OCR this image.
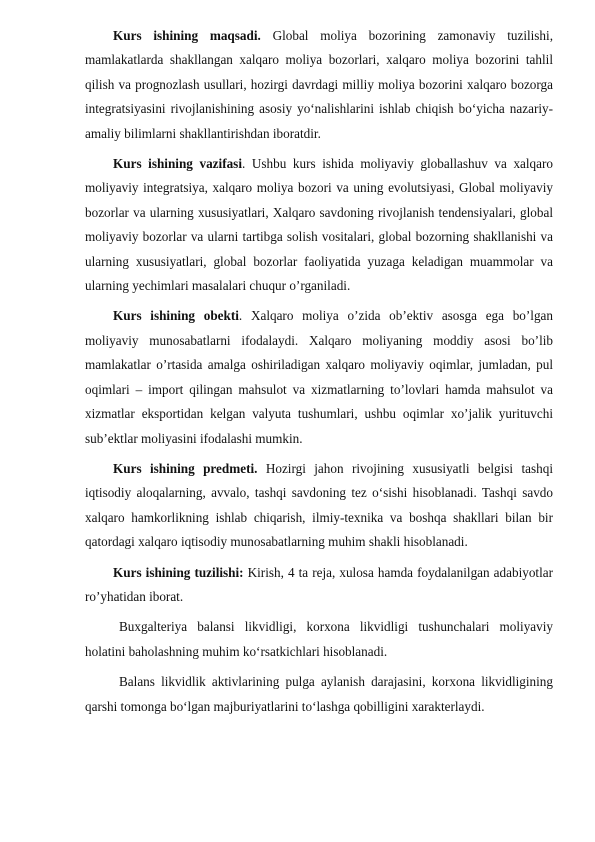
Kurs ishining maqsadi. Global moliya bozorining zamonaviy tuzilishi, mamlakatlarda shakllangan xalqaro moliya bozorlari, xalqaro moliya bozorini tahlil qilish va prognozlash usullari, hozirgi davrdagi milliy moliya bozorini xalqaro bozorga integratsiyasini rivojlanishining asosiy yo‘nalishlarini ishlab chiqish bo‘yicha nazariy-amaliy bilimlarni shakllantirishdan iboratdir.

Kurs ishining vazifasi. Ushbu kurs ishida moliyaviy globallashuv va xalqaro moliyaviy integratsiya, xalqaro moliya bozori va uning evolutsiyasi, Global moliyaviy bozorlar va ularning xususiyatlari, Xalqaro savdoning rivojlanish tendensiyalari, global moliyaviy bozorlar va ularni tartibga solish vositalari, global bozorning shakllanishi va ularning xususiyatlari, global bozorlar faoliyatida yuzaga keladigan muammolar va ularning yechimlari masalalari chuqur o’rganiladi.

Kurs ishining obekti. Xalqaro moliya o’zida ob’ektiv asosga ega bo’lgan moliyaviy munosabatlarni ifodalaydi. Xalqaro moliyaning moddiy asosi bo’lib mamlakatlar o’rtasida amalga oshiriladigan xalqaro moliyaviy oqimlar, jumladan, pul oqimlari – import qilingan mahsulot va xizmatlarning to’lovlari hamda mahsulot va xizmatlar eksportidan kelgan valyuta tushumlari, ushbu oqimlar xo’jalik yurituvchi sub’ektlar moliyasini ifodalashi mumkin.

Kurs ishining predmeti. Hozirgi jahon rivojining xususiyatli belgisi tashqi iqtisodiy aloqalarning, avvalo, tashqi savdoning tez o‘sishi hisoblanadi. Tashqi savdo xalqaro hamkorlikning ishlab chiqarish, ilmiy-texnika va boshqa shakllari bilan bir qatordagi xalqaro iqtisodiy munosabatlarning muhim shakli hisoblanadi.

Kurs ishining tuzilishi: Kirish, 4 ta reja, xulosa hamda foydalanilgan adabiyotlar ro’yhatidan iborat.

Buxgalteriya balansi likvidligi, korxona likvidligi tushunchalari moliyaviy holatini baholashning muhim ko‘rsatkichlari hisoblanadi.

Balans likvidlik aktivlarining pulga aylanish darajasini, korxona likvidligining qarshi tomonga bo‘lgan majburiyatlarini to‘lashga qobilligini xarakterlaydi.
